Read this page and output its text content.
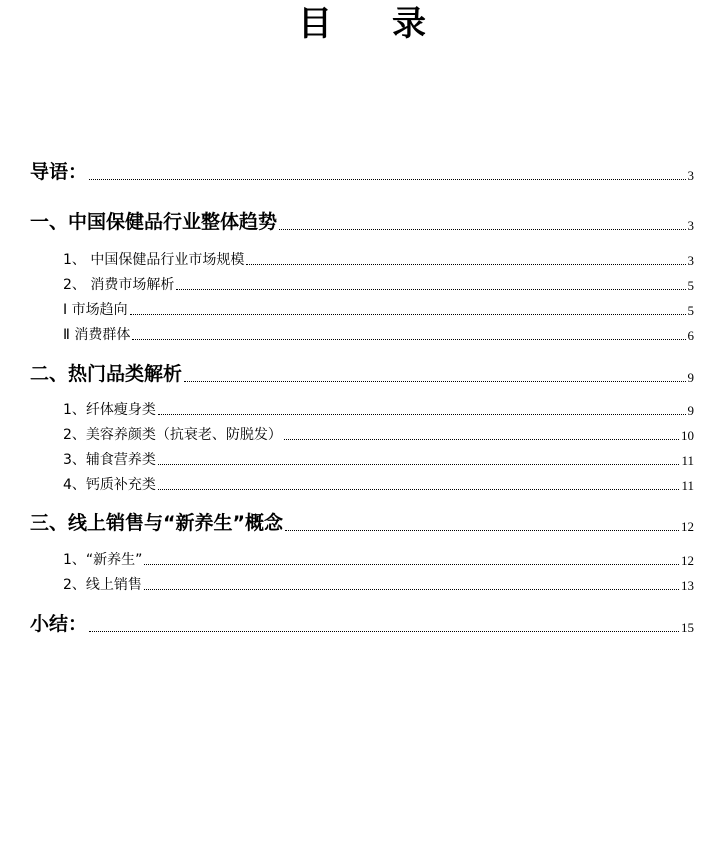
目 录
导语：	3
一、中国保健品行业整体趋势	3
1、 中国保健品行业市场规模	3
2、 消费市场解析	5
Ⅰ 市场趋向	5
Ⅱ 消费群体	6
二、热门品类解析	9
1、纤体瘦身类	9
2、美容养颜类（抗衰老、防脱发）	10
3、辅食营养类	11
4、钙质补充类	11
三、线上销售与“新养生”概念	12
1、“新养生”	12
2、线上销售	13
小结：	15
